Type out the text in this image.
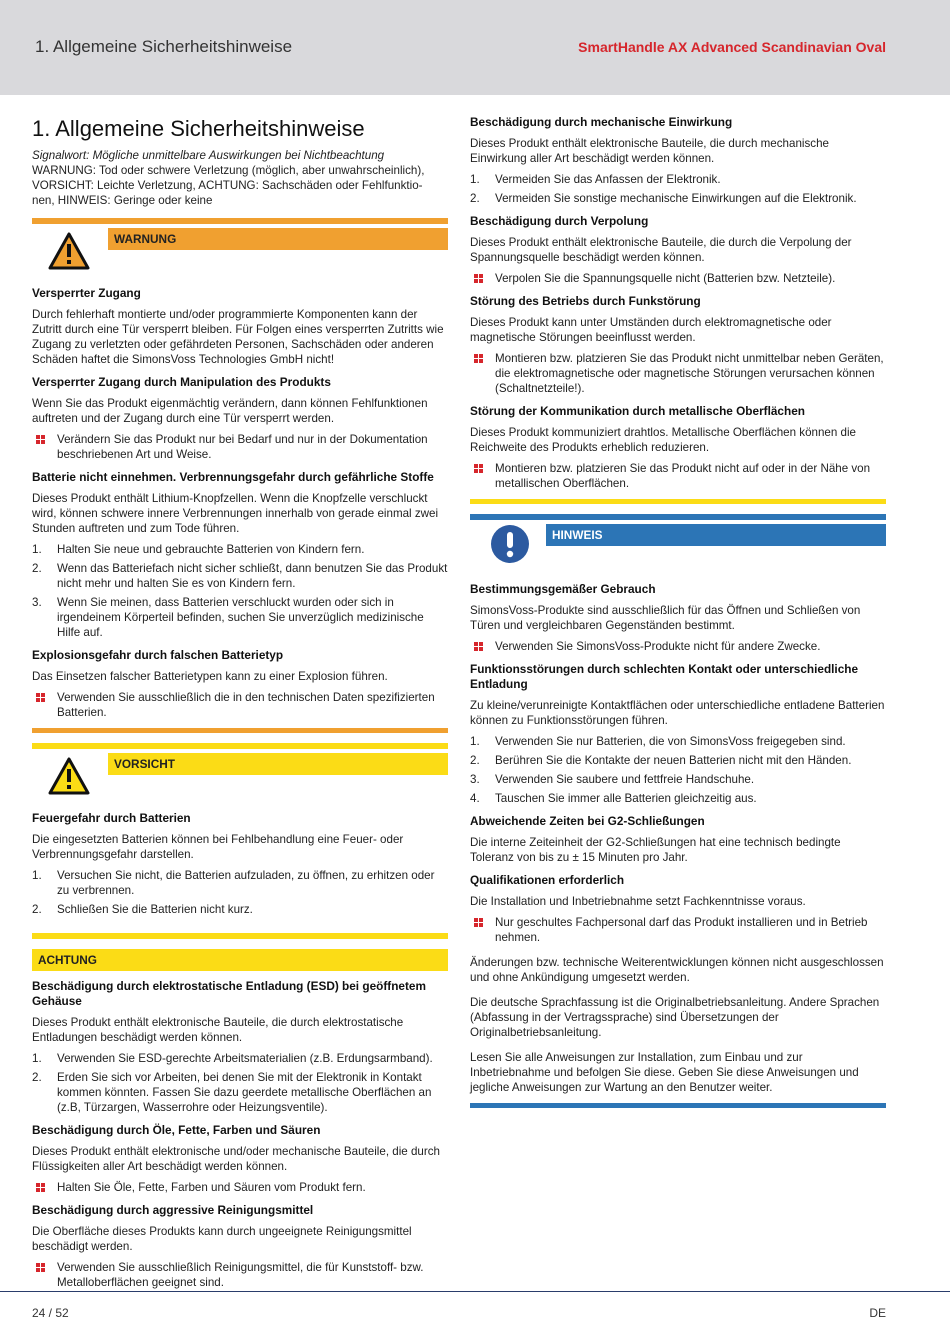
1. Allgemeine Sicherheitshinweise	SmartHandle AX Advanced Scandinavian Oval
1. Allgemeine Sicherheitshinweise
Signalwort: Mögliche unmittelbare Auswirkungen bei Nichtbeachtung
WARNUNG: Tod oder schwere Verletzung (möglich, aber unwahrscheinlich),
VORSICHT: Leichte Verletzung, ACHTUNG: Sachschäden oder Fehlfunktio-
nen, HINWEIS: Geringe oder keine
WARNUNG
Versperrter Zugang

Durch fehlerhaft montierte und/oder programmierte Komponenten kann der Zutritt durch eine Tür versperrt bleiben. Für Folgen eines versperrten Zutritts wie Zugang zu verletzten oder gefährdeten Personen, Sachschäden oder anderen Schäden haftet die SimonsVoss Technologies GmbH nicht!

Versperrter Zugang durch Manipulation des Produkts

Wenn Sie das Produkt eigenmächtig verändern, dann können Fehlfunktionen auftreten und der Zugang durch eine Tür versperrt werden.

Verändern Sie das Produkt nur bei Bedarf und nur in der Dokumentation beschriebenen Art und Weise.
Batterie nicht einnehmen. Verbrennungsgefahr durch gefährliche Stoffe

Dieses Produkt enthält Lithium-Knopfzellen. Wenn die Knopfzelle verschluckt wird, können schwere innere Verbrennungen innerhalb von gerade einmal zwei Stunden auftreten und zum Tode führen.

1. Halten Sie neue und gebrauchte Batterien von Kindern fern.
2. Wenn das Batteriefach nicht sicher schließt, dann benutzen Sie das Produkt nicht mehr und halten Sie es von Kindern fern.
3. Wenn Sie meinen, dass Batterien verschluckt wurden oder sich in irgendeinem Körperteil befinden, suchen Sie unverzüglich medizinische Hilfe auf.
Explosionsgefahr durch falschen Batterietyp

Das Einsetzen falscher Batterietypen kann zu einer Explosion führen.

Verwenden Sie ausschließlich die in den technischen Daten spezifizierten Batterien.
VORSICHT
Feuergefahr durch Batterien

Die eingesetzten Batterien können bei Fehlbehandlung eine Feuer- oder Verbrennungsgefahr darstellen.

1. Versuchen Sie nicht, die Batterien aufzuladen, zu öffnen, zu erhitzen oder zu verbrennen.
2. Schließen Sie die Batterien nicht kurz.
ACHTUNG
Beschädigung durch elektrostatische Entladung (ESD) bei geöffnetem Gehäuse

Dieses Produkt enthält elektronische Bauteile, die durch elektrostatische Entladungen beschädigt werden können.

1. Verwenden Sie ESD-gerechte Arbeitsmaterialien (z.B. Erdungsarmband).
2. Erden Sie sich vor Arbeiten, bei denen Sie mit der Elektronik in Kontakt kommen könnten. Fassen Sie dazu geerdete metallische Oberflächen an (z.B, Türzargen, Wasserrohre oder Heizungsventile).
Beschädigung durch Öle, Fette, Farben und Säuren

Dieses Produkt enthält elektronische und/oder mechanische Bauteile, die durch Flüssigkeiten aller Art beschädigt werden können.

Halten Sie Öle, Fette, Farben und Säuren vom Produkt fern.
Beschädigung durch aggressive Reinigungsmittel

Die Oberfläche dieses Produkts kann durch ungeeignete Reinigungsmittel beschädigt werden.

Verwenden Sie ausschließlich Reinigungsmittel, die für Kunststoff- bzw. Metalloberflächen geeignet sind.
Beschädigung durch mechanische Einwirkung

Dieses Produkt enthält elektronische Bauteile, die durch mechanische Einwirkung aller Art beschädigt werden können.

1. Vermeiden Sie das Anfassen der Elektronik.
2. Vermeiden Sie sonstige mechanische Einwirkungen auf die Elektronik.
Beschädigung durch Verpolung

Dieses Produkt enthält elektronische Bauteile, die durch die Verpolung der Spannungsquelle beschädigt werden können.

Verpolen Sie die Spannungsquelle nicht (Batterien bzw. Netzteile).
Störung des Betriebs durch Funkstörung

Dieses Produkt kann unter Umständen durch elektromagnetische oder magnetische Störungen beeinflusst werden.

Montieren bzw. platzieren Sie das Produkt nicht unmittelbar neben Geräten, die elektromagnetische oder magnetische Störungen verursachen können (Schaltnetzteile!).
Störung der Kommunikation durch metallische Oberflächen

Dieses Produkt kommuniziert drahtlos. Metallische Oberflächen können die Reichweite des Produkts erheblich reduzieren.

Montieren bzw. platzieren Sie das Produkt nicht auf oder in der Nähe von metallischen Oberflächen.
HINWEIS
Bestimmungsgemäßer Gebrauch

SimonsVoss-Produkte sind ausschließlich für das Öffnen und Schließen von Türen und vergleichbaren Gegenständen bestimmt.

Verwenden Sie SimonsVoss-Produkte nicht für andere Zwecke.
Funktionsstörungen durch schlechten Kontakt oder unterschiedliche Entladung

Zu kleine/verunreinigte Kontaktflächen oder unterschiedliche entladene Batterien können zu Funktionsstörungen führen.

1. Verwenden Sie nur Batterien, die von SimonsVoss freigegeben sind.
2. Berühren Sie die Kontakte der neuen Batterien nicht mit den Händen.
3. Verwenden Sie saubere und fettfreie Handschuhe.
4. Tauschen Sie immer alle Batterien gleichzeitig aus.
Abweichende Zeiten bei G2-Schließungen

Die interne Zeiteinheit der G2-Schließungen hat eine technisch bedingte Toleranz von bis zu ± 15 Minuten pro Jahr.

Qualifikationen erforderlich

Die Installation und Inbetriebnahme setzt Fachkenntnisse voraus.

Nur geschultes Fachpersonal darf das Produkt installieren und in Betrieb nehmen.

Änderungen bzw. technische Weiterentwicklungen können nicht ausgeschlossen und ohne Ankündigung umgesetzt werden.

Die deutsche Sprachfassung ist die Originalbetriebsanleitung. Andere Sprachen (Abfassung in der Vertragssprache) sind Übersetzungen der Originalbetriebsanleitung.

Lesen Sie alle Anweisungen zur Installation, zum Einbau und zur Inbetriebnahme und befolgen Sie diese. Geben Sie diese Anweisungen und jegliche Anweisungen zur Wartung an den Benutzer weiter.

24 / 52	DE
